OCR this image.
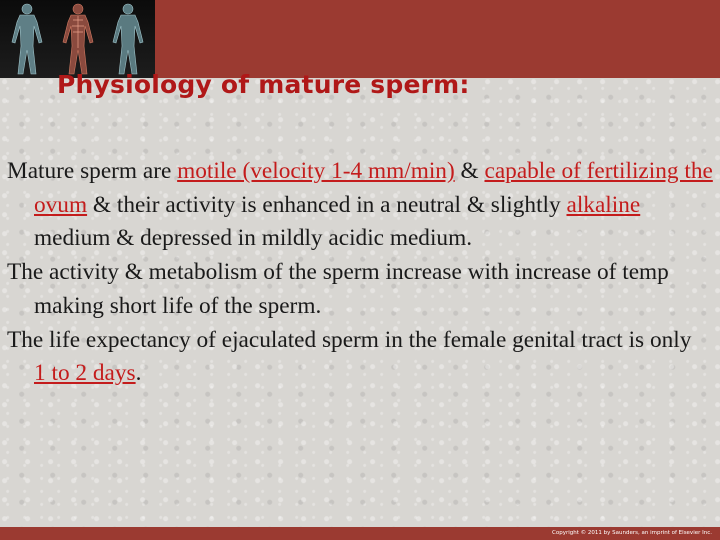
Physiology of mature sperm:

Mature sperm are motile (velocity 1-4 mm/min) & capable of fertilizing the ovum & their activity is enhanced in a neutral & slightly alkaline medium & depressed in mildly acidic medium.

The activity & metabolism of the sperm increase with increase of temp

making short life of the sperm.

The life expectancy of ejaculated sperm in the female genital tract is only   1 to 2 days.

Copyright © 2011 by Saunders, an imprint of Elsevier Inc.
